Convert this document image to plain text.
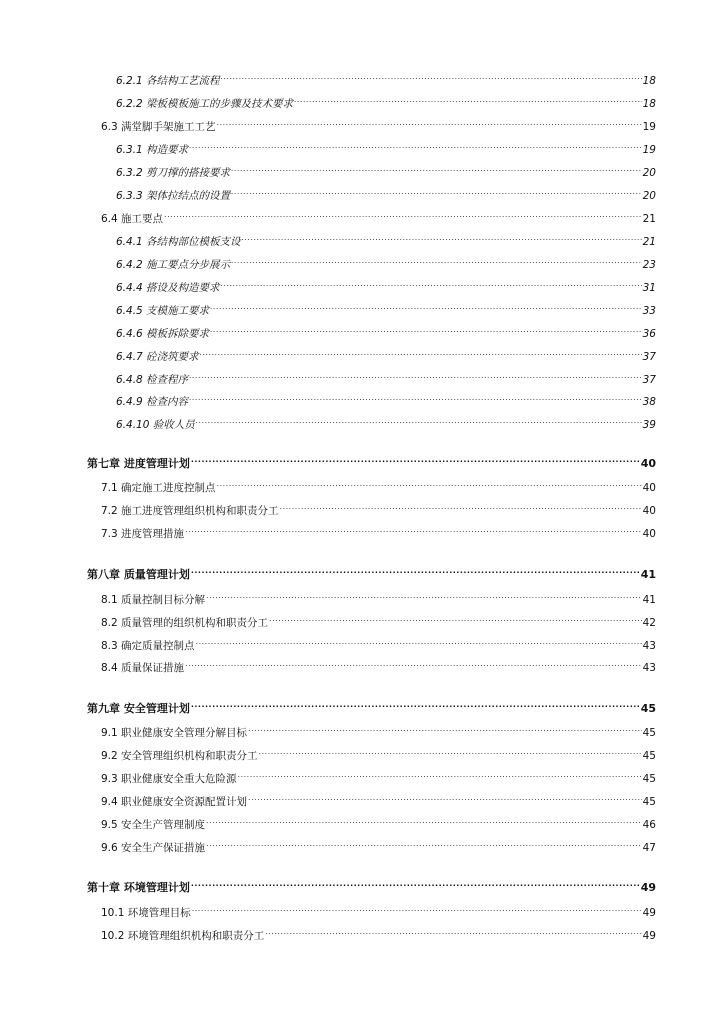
6.2.1 各结构工艺流程 .....	18
6.2.2 梁板模板施工的步骤及技术要求 .....	18
6.3 满堂脚手架施工工艺 .....	19
6.3.1 构造要求 .....	19
6.3.2 剪刀撑的搭接要求 .....	20
6.3.3 架体拉结点的设置 .....	20
6.4 施工要点 .....	21
6.4.1 各结构部位模板支设 .....	21
6.4.2 施工要点分步展示 .....	23
6.4.4 搭设及构造要求 .....	31
6.4.5 支模施工要求 .....	33
6.4.6 模板拆除要求 .....	36
6.4.7 砼浇筑要求 .....	37
6.4.8 检查程序 .....	37
6.4.9 检查内容 .....	38
6.4.10 验收人员 .....	39
第七章 进度管理计划 .....	40
7.1 确定施工进度控制点 .....	40
7.2 施工进度管理组织机构和职责分工 .....	40
7.3 进度管理措施 .....	40
第八章 质量管理计划 .....	41
8.1 质量控制目标分解 .....	41
8.2 质量管理的组织机构和职责分工 .....	42
8.3 确定质量控制点 .....	43
8.4 质量保证措施 .....	43
第九章 安全管理计划 .....	45
9.1 职业健康安全管理分解目标 .....	45
9.2 安全管理组织机构和职责分工 .....	45
9.3 职业健康安全重大危险源 .....	45
9.4 职业健康安全资源配置计划 .....	45
9.5 安全生产管理制度 .....	46
9.6 安全生产保证措施 .....	47
第十章 环境管理计划 .....	49
10.1 环境管理目标 .....	49
10.2 环境管理组织机构和职责分工 .....	49
